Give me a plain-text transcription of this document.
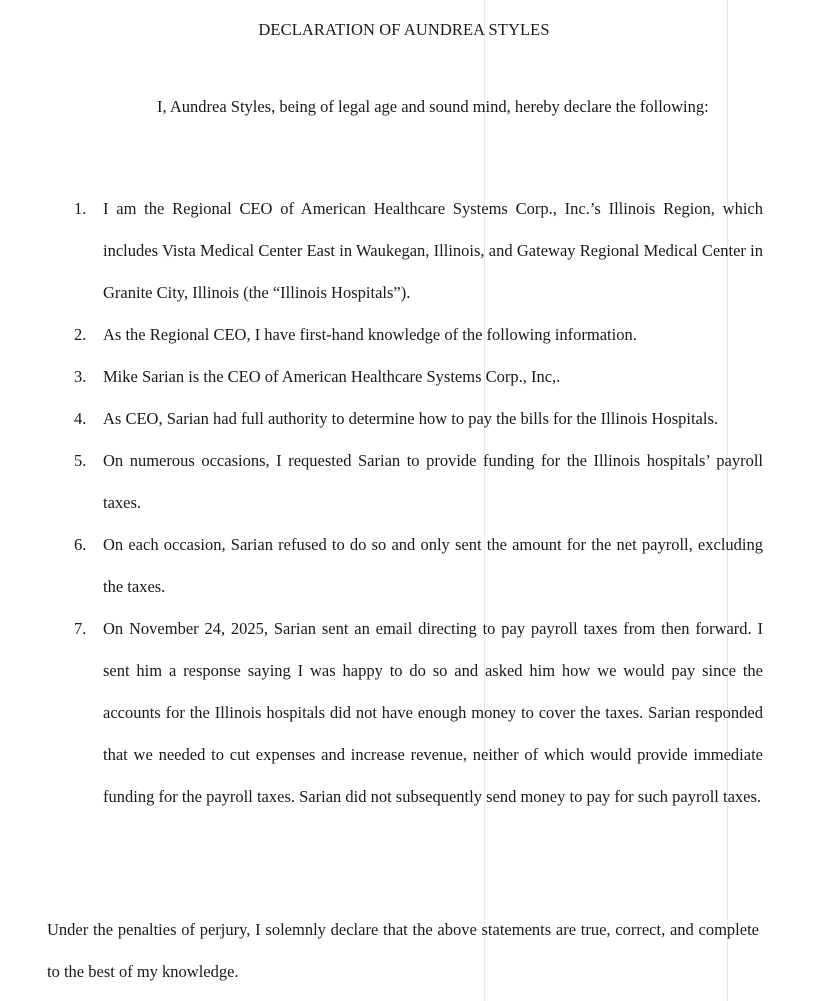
DECLARATION OF AUNDREA STYLES

I, Aundrea Styles, being of legal age and sound mind, hereby declare the following:

1. I am the Regional CEO of American Healthcare Systems Corp., Inc.’s Illinois Region, which includes Vista Medical Center East in Waukegan, Illinois, and Gateway Regional Medical Center in Granite City, Illinois (the “Illinois Hospitals”).
2. As the Regional CEO, I have first-hand knowledge of the following information.
3. Mike Sarian is the CEO of American Healthcare Systems Corp., Inc,.
4. As CEO, Sarian had full authority to determine how to pay the bills for the Illinois Hospitals.
5. On numerous occasions, I requested Sarian to provide funding for the Illinois hospitals’ payroll taxes.
6. On each occasion, Sarian refused to do so and only sent the amount for the net payroll, excluding the taxes.
7. On November 24, 2025, Sarian sent an email directing to pay payroll taxes from then forward. I sent him a response saying I was happy to do so and asked him how we would pay since the accounts for the Illinois hospitals did not have enough money to cover the taxes. Sarian responded that we needed to cut expenses and increase revenue, neither of which would provide immediate funding for the payroll taxes. Sarian did not subsequently send money to pay for such payroll taxes.

Under the penalties of perjury, I solemnly declare that the above statements are true, correct, and complete to the best of my knowledge.
